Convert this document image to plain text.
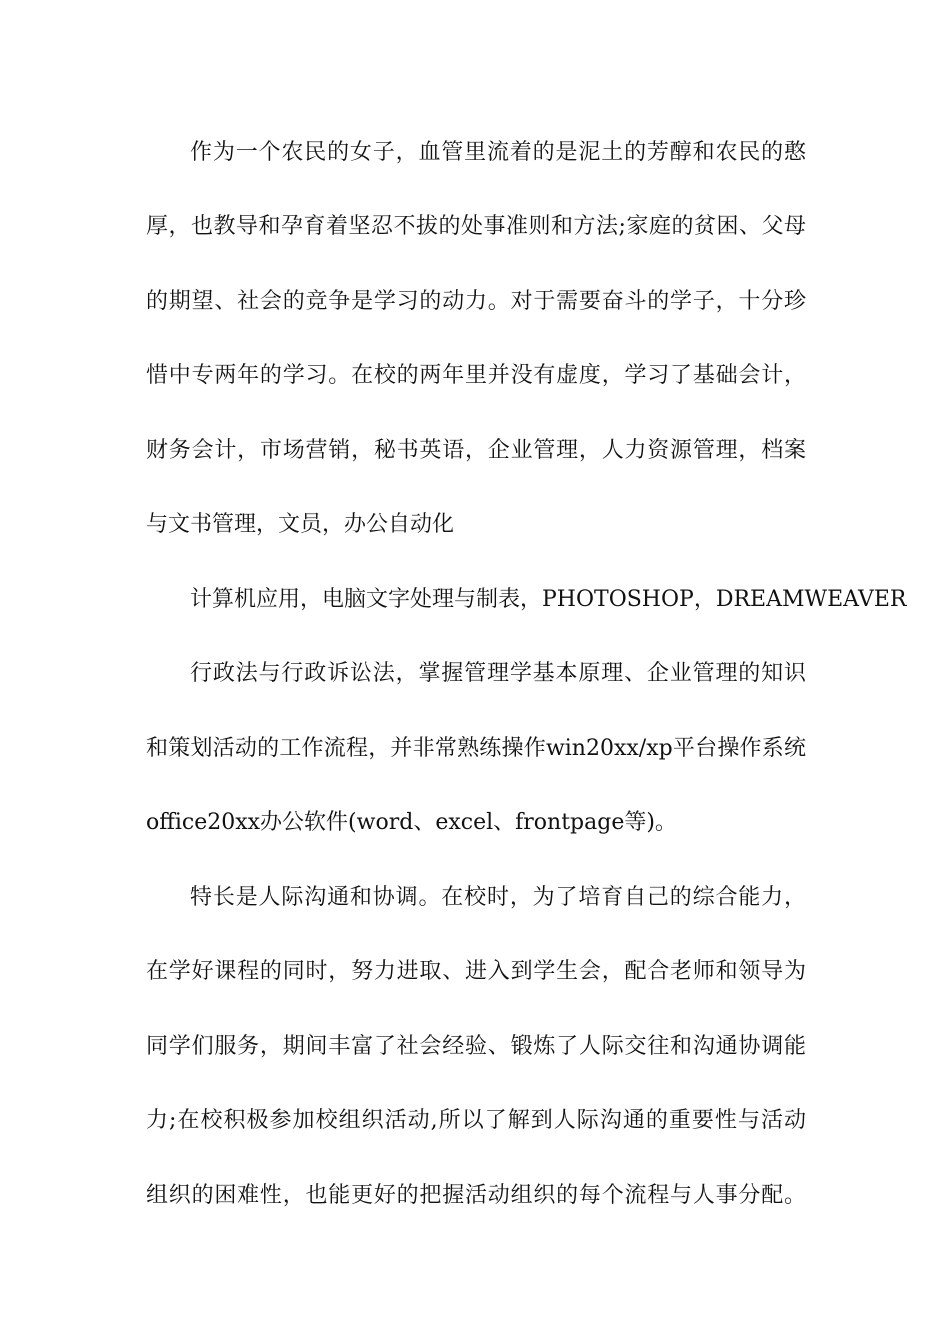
作为一个农民的女子，血管里流着的是泥土的芳醇和农民的憨
厚，也教导和孕育着坚忍不拔的处事准则和方法;家庭的贫困、父母
的期望、社会的竞争是学习的动力。对于需要奋斗的学子，十分珍
惜中专两年的学习。在校的两年里并没有虚度，学习了基础会计，
财务会计，市场营销，秘书英语，企业管理，人力资源管理，档案
与文书管理，文员，办公自动化
计算机应用，电脑文字处理与制表，PHOTOSHOP，DREAMWEAVER
行政法与行政诉讼法，掌握管理学基本原理、企业管理的知识
和策划活动的工作流程，并非常熟练操作win20xx/xp平台操作系统
office20xx办公软件(word、excel、frontpage等)。
特长是人际沟通和协调。在校时，为了培育自己的综合能力，
在学好课程的同时，努力进取、进入到学生会，配合老师和领导为
同学们服务，期间丰富了社会经验、锻炼了人际交往和沟通协调能
力;在校积极参加校组织活动,所以了解到人际沟通的重要性与活动
组织的困难性，也能更好的把握活动组织的每个流程与人事分配。
